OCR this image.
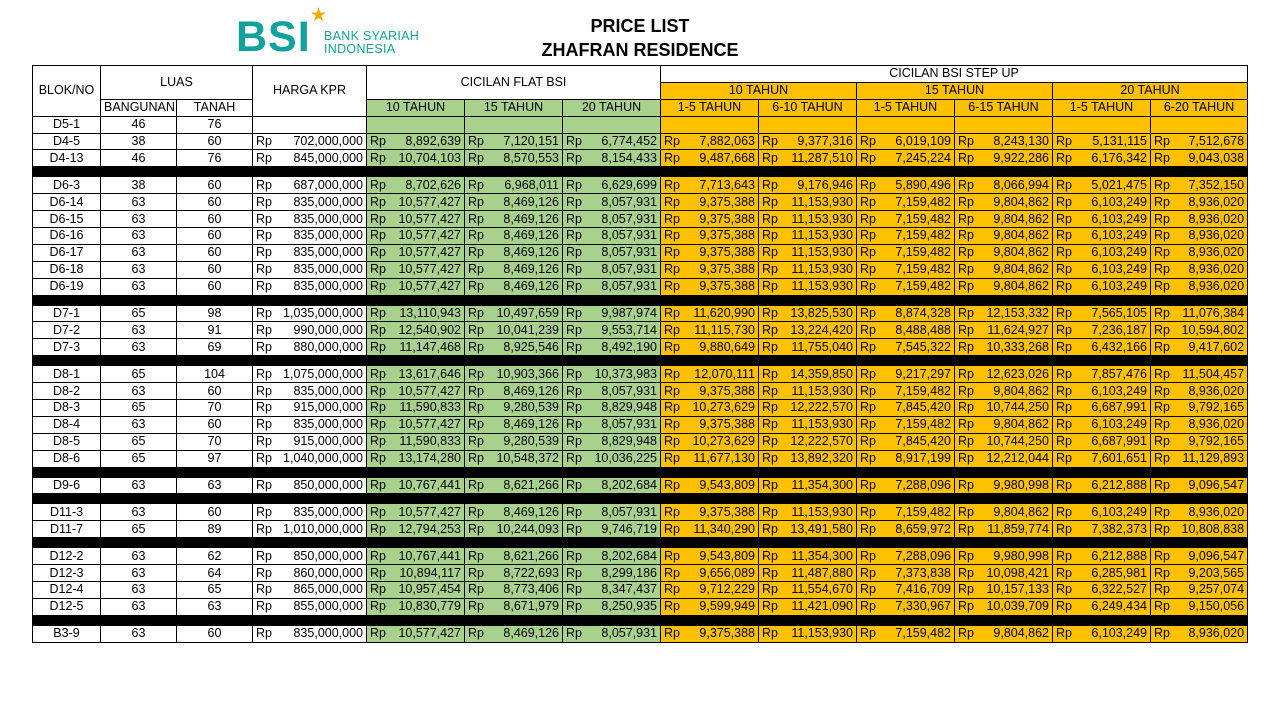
BSI ★
BANK SYARIAH
INDONESIA
PRICE LIST
ZHAFRAN RESIDENCE
BLOK/NO	LUAS		HARGA KPR	CICILAN FLAT BSI			CICILAN BSI STEP UP					
							10 TAHUN		15 TAHUN		20 TAHUN	
	BANGUNAN	TANAH		10 TAHUN	15 TAHUN	20 TAHUN	1-5 TAHUN	6-10 TAHUN	1-5 TAHUN	6-15 TAHUN	1-5 TAHUN	6-20 TAHUN
D5-1	46	76										
D4-5	38	60	Rp 702,000,000	Rp 8,892,639	Rp 7,120,151	Rp 6,774,452	Rp 7,882,063	Rp 9,377,316	Rp 6,019,109	Rp 8,243,130	Rp 5,131,115	Rp 7,512,678

D4-13	46	76	Rp 845,000,000	Rp 10,704,103	Rp 8,570,553	Rp 8,154,433	Rp 9,487,668	Rp 11,287,510	Rp 7,245,224	Rp 9,922,286	Rp 6,176,342	Rp 9,043,038

D6-3	38	60	Rp 687,000,000	Rp 8,702,626	Rp 6,968,011	Rp 6,629,699	Rp 7,713,643	Rp 9,176,946	Rp 5,890,496	Rp 8,066,994	Rp 5,021,475	Rp 7,352,150

D6-14	63	60	Rp 835,000,000	Rp 10,577,427	Rp 8,469,126	Rp 8,057,931	Rp 9,375,388	Rp 11,153,930	Rp 7,159,482	Rp 9,804,862	Rp 6,103,249	Rp 8,936,020

D6-15	63	60	Rp 835,000,000	Rp 10,577,427	Rp 8,469,126	Rp 8,057,931	Rp 9,375,388	Rp 11,153,930	Rp 7,159,482	Rp 9,804,862	Rp 6,103,249	Rp 8,936,020

D6-16	63	60	Rp 835,000,000	Rp 10,577,427	Rp 8,469,126	Rp 8,057,931	Rp 9,375,388	Rp 11,153,930	Rp 7,159,482	Rp 9,804,862	Rp 6,103,249	Rp 8,936,020

D6-17	63	60	Rp 835,000,000	Rp 10,577,427	Rp 8,469,126	Rp 8,057,931	Rp 9,375,388	Rp 11,153,930	Rp 7,159,482	Rp 9,804,862	Rp 6,103,249	Rp 8,936,020

D6-18	63	60	Rp 835,000,000	Rp 10,577,427	Rp 8,469,126	Rp 8,057,931	Rp 9,375,388	Rp 11,153,930	Rp 7,159,482	Rp 9,804,862	Rp 6,103,249	Rp 8,936,020

D6-19	63	60	Rp 835,000,000	Rp 10,577,427	Rp 8,469,126	Rp 8,057,931	Rp 9,375,388	Rp 11,153,930	Rp 7,159,482	Rp 9,804,862	Rp 6,103,249	Rp 8,936,020

D7-1	65	98	Rp 1,035,000,000	Rp 13,110,943	Rp 10,497,659	Rp 9,987,974	Rp 11,620,990	Rp 13,825,530	Rp 8,874,328	Rp 12,153,332	Rp 7,565,105	Rp 11,076,384

D7-2	63	91	Rp 990,000,000	Rp 12,540,902	Rp 10,041,239	Rp 9,553,714	Rp 11,115,730	Rp 13,224,420	Rp 8,488,488	Rp 11,624,927	Rp 7,236,187	Rp 10,594,802

D7-3	63	69	Rp 880,000,000	Rp 11,147,468	Rp 8,925,546	Rp 8,492,190	Rp 9,880,649	Rp 11,755,040	Rp 7,545,322	Rp 10,333,268	Rp 6,432,166	Rp 9,417,602

D8-1	65	104	Rp 1,075,000,000	Rp 13,617,646	Rp 10,903,366	Rp 10,373,983	Rp 12,070,111	Rp 14,359,850	Rp 9,217,297	Rp 12,623,026	Rp 7,857,476	Rp 11,504,457

D8-2	63	60	Rp 835,000,000	Rp 10,577,427	Rp 8,469,126	Rp 8,057,931	Rp 9,375,388	Rp 11,153,930	Rp 7,159,482	Rp 9,804,862	Rp 6,103,249	Rp 8,936,020

D8-3	65	70	Rp 915,000,000	Rp 11,590,833	Rp 9,280,539	Rp 8,829,948	Rp 10,273,629	Rp 12,222,570	Rp 7,845,420	Rp 10,744,250	Rp 6,687,991	Rp 9,792,165

D8-4	63	60	Rp 835,000,000	Rp 10,577,427	Rp 8,469,126	Rp 8,057,931	Rp 9,375,388	Rp 11,153,930	Rp 7,159,482	Rp 9,804,862	Rp 6,103,249	Rp 8,936,020

D8-5	65	70	Rp 915,000,000	Rp 11,590,833	Rp 9,280,539	Rp 8,829,948	Rp 10,273,629	Rp 12,222,570	Rp 7,845,420	Rp 10,744,250	Rp 6,687,991	Rp 9,792,165

D8-6	65	97	Rp 1,040,000,000	Rp 13,174,280	Rp 10,548,372	Rp 10,036,225	Rp 11,677,130	Rp 13,892,320	Rp 8,917,199	Rp 12,212,044	Rp 7,601,651	Rp 11,129,893

D9-6	63	63	Rp 850,000,000	Rp 10,767,441	Rp 8,621,266	Rp 8,202,684	Rp 9,543,809	Rp 11,354,300	Rp 7,288,096	Rp 9,980,998	Rp 6,212,888	Rp 9,096,547

D11-3	63	60	Rp 835,000,000	Rp 10,577,427	Rp 8,469,126	Rp 8,057,931	Rp 9,375,388	Rp 11,153,930	Rp 7,159,482	Rp 9,804,862	Rp 6,103,249	Rp 8,936,020

D11-7	65	89	Rp 1,010,000,000	Rp 12,794,253	Rp 10,244,093	Rp 9,746,719	Rp 11,340,290	Rp 13,491,580	Rp 8,659,972	Rp 11,859,774	Rp 7,382,373	Rp 10,808,838

D12-2	63	62	Rp 850,000,000	Rp 10,767,441	Rp 8,621,266	Rp 8,202,684	Rp 9,543,809	Rp 11,354,300	Rp 7,288,096	Rp 9,980,998	Rp 6,212,888	Rp 9,096,547

D12-3	63	64	Rp 860,000,000	Rp 10,894,117	Rp 8,722,693	Rp 8,299,186	Rp 9,656,089	Rp 11,487,880	Rp 7,373,838	Rp 10,098,421	Rp 6,285,981	Rp 9,203,565

D12-4	63	65	Rp 865,000,000	Rp 10,957,454	Rp 8,773,406	Rp 8,347,437	Rp 9,712,229	Rp 11,554,670	Rp 7,416,709	Rp 10,157,133	Rp 6,322,527	Rp 9,257,074

D12-5	63	63	Rp 855,000,000	Rp 10,830,779	Rp 8,671,979	Rp 8,250,935	Rp 9,599,949	Rp 11,421,090	Rp 7,330,967	Rp 10,039,709	Rp 6,249,434	Rp 9,150,056

B3-9	63	60	Rp 835,000,000	Rp 10,577,427	Rp 8,469,126	Rp 8,057,931	Rp 9,375,388	Rp 11,153,930	Rp 7,159,482	Rp 9,804,862	Rp 6,103,249	Rp 8,936,020
